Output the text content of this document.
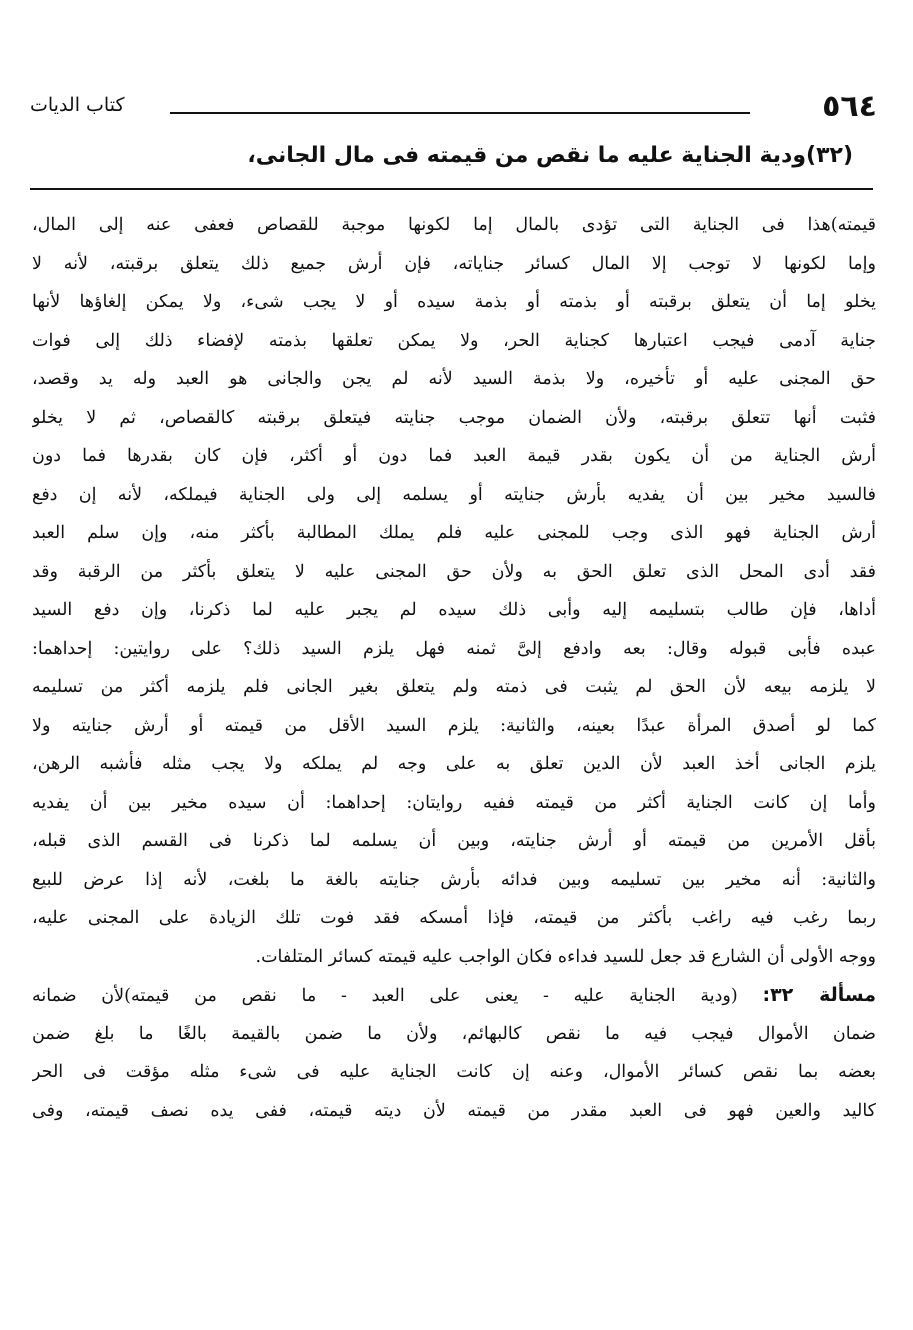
٥٦٤
كتاب الديات
(٣٢)ودية الجناية عليه ما نقص من قيمته فى مال الجانى،
قيمته)هذا فى الجناية التى تؤدى بالمال إما لكونها موجبة للقصاص فعفى عنه إلى المال،
وإما لكونها لا توجب إلا المال كسائر جناياته، فإن أرش جميع ذلك يتعلق برقبته، لأنه لا
يخلو إما أن يتعلق برقبته أو بذمته أو بذمة سيده أو لا يجب شىء، ولا يمكن إلغاؤها لأنها
جناية آدمى فيجب اعتبارها كجناية الحر، ولا يمكن تعلقها بذمته لإفضاء ذلك إلى فوات
حق المجنى عليه أو تأخيره، ولا بذمة السيد لأنه لم يجن والجانى هو العبد وله يد وقصد،
فثبت أنها تتعلق برقبته، ولأن الضمان موجب جنايته فيتعلق برقبته كالقصاص، ثم لا يخلو
أرش الجناية من أن يكون بقدر قيمة العبد فما دون أو أكثر، فإن كان بقدرها فما دون
فالسيد مخير بين أن يفديه بأرش جنايته أو يسلمه إلى ولى الجناية فيملكه، لأنه إن دفع
أرش الجناية فهو الذى وجب للمجنى عليه فلم يملك المطالبة بأكثر منه، وإن سلم العبد
فقد أدى المحل الذى تعلق الحق به ولأن حق المجنى عليه لا يتعلق بأكثر من الرقبة وقد
أداها، فإن طالب بتسليمه إليه وأبى ذلك سيده لم يجبر عليه لما ذكرنا، وإن دفع السيد
عبده فأبى قبوله وقال: بعه وادفع إلىَّ ثمنه فهل يلزم السيد ذلك؟ على روايتين: إحداهما:
لا يلزمه بيعه لأن الحق لم يثبت فى ذمته ولم يتعلق بغير الجانى فلم يلزمه أكثر من تسليمه
كما لو أصدق المرأة عبدًا بعينه، والثانية: يلزم السيد الأقل من قيمته أو أرش جنايته ولا
يلزم الجانى أخذ العبد لأن الدين تعلق به على وجه لم يملكه ولا يجب مثله فأشبه الرهن،
وأما إن كانت الجناية أكثر من قيمته ففيه روايتان: إحداهما: أن سيده مخير بين أن يفديه
بأقل الأمرين من قيمته أو أرش جنايته، وبين أن يسلمه لما ذكرنا فى القسم الذى قبله،
والثانية: أنه مخير بين تسليمه وبين فدائه بأرش جنايته بالغة ما بلغت، لأنه إذا عرض للبيع
ربما رغب فيه راغب بأكثر من قيمته، فإذا أمسكه فقد فوت تلك الزيادة على المجنى عليه،
ووجه الأولى أن الشارع قد جعل للسيد فداءه فكان الواجب عليه قيمته كسائر المتلفات.
مسألة ٣٢: (ودية الجناية عليه - يعنى على العبد - ما نقص من قيمته)لأن ضمانه
ضمان الأموال فيجب فيه ما نقص كالبهائم، ولأن ما ضمن بالقيمة بالغًا ما بلغ ضمن
بعضه بما نقص كسائر الأموال، وعنه إن كانت الجناية عليه فى شىء مثله مؤقت فى الحر
كاليد والعين فهو فى العبد مقدر من قيمته لأن ديته قيمته، ففى يده نصف قيمته، وفى
